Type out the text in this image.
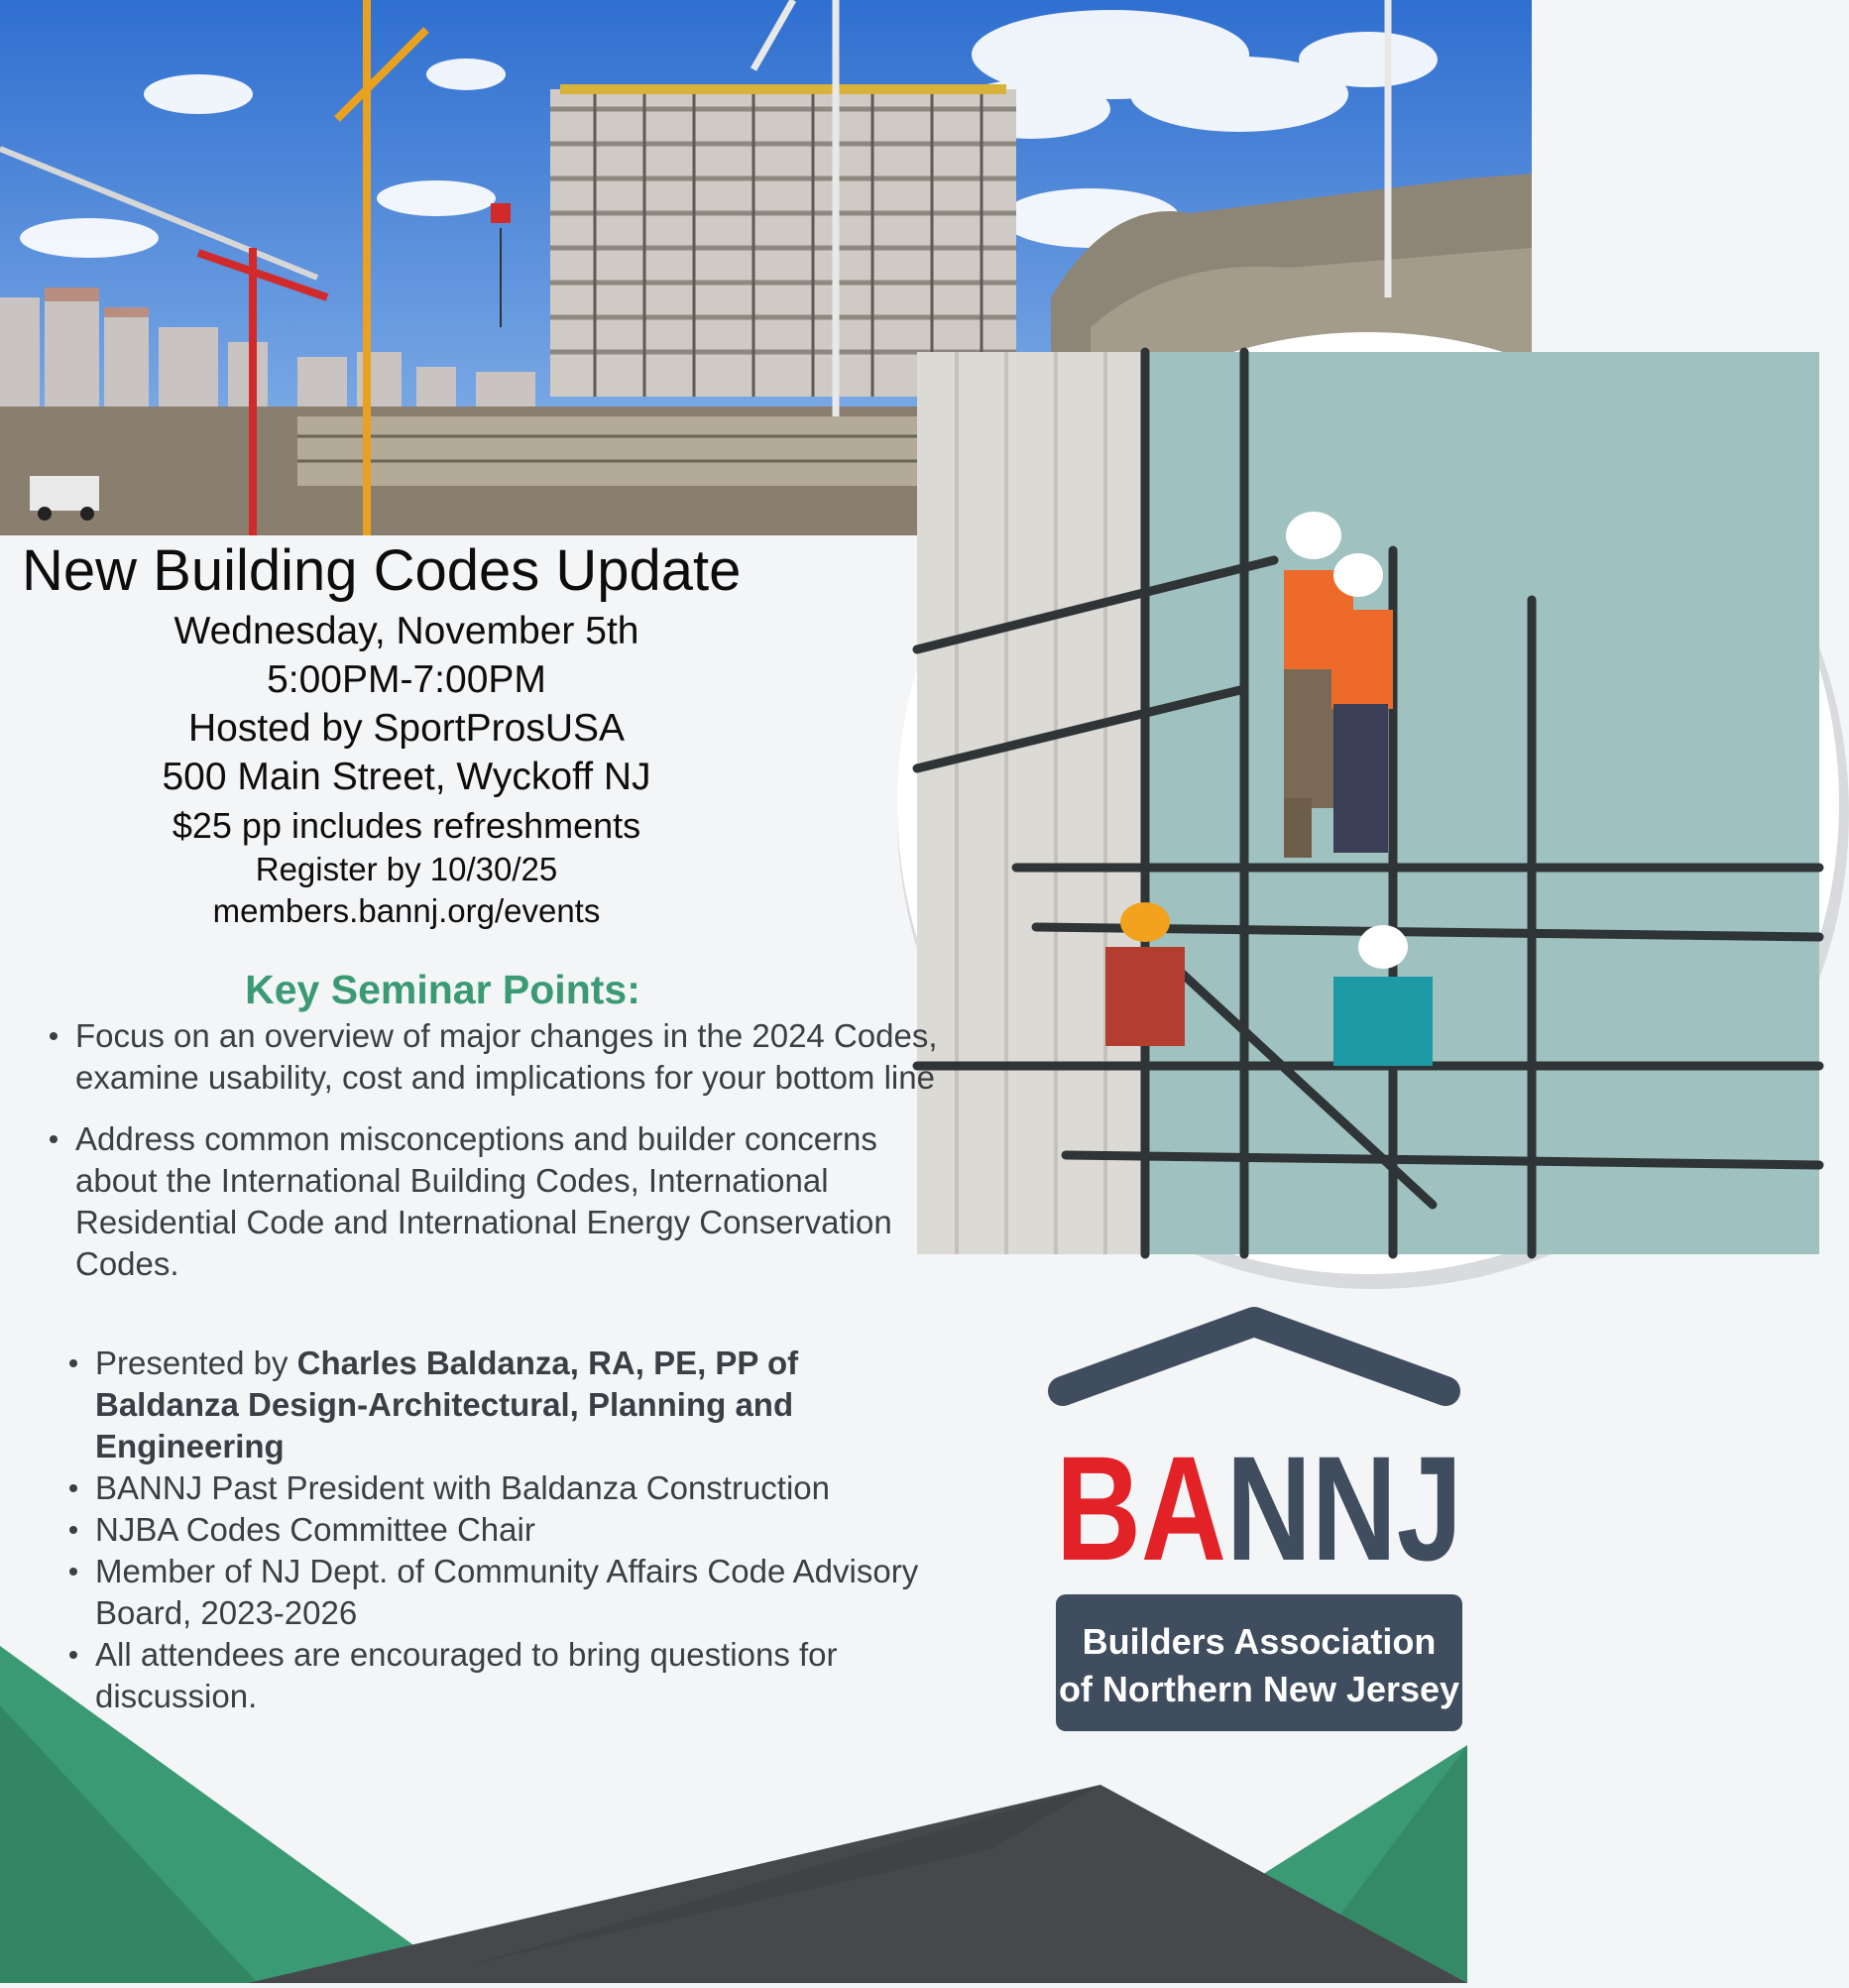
New Building Codes Update
Wednesday, November 5th
5:00PM-7:00PM
Hosted by SportProsUSA
500 Main Street, Wyckoff NJ
$25 pp includes refreshments
Register by 10/30/25
members.bannj.org/events
Key Seminar Points:
Focus on an overview of major changes in the 2024 Codes, examine usability, cost and implications for your bottom line
Address common misconceptions and builder concerns about the International Building Codes, International Residential Code and International Energy Conservation Codes.
Presented by Charles Baldanza, RA, PE, PP of Baldanza Design-Architectural, Planning and Engineering
BANNJ Past President with Baldanza Construction
NJBA Codes Committee Chair
Member of NJ Dept. of Community Affairs Code Advisory Board, 2023-2026
All attendees are encouraged to bring questions for discussion.
BANNJ
Builders Association
of Northern New Jersey
